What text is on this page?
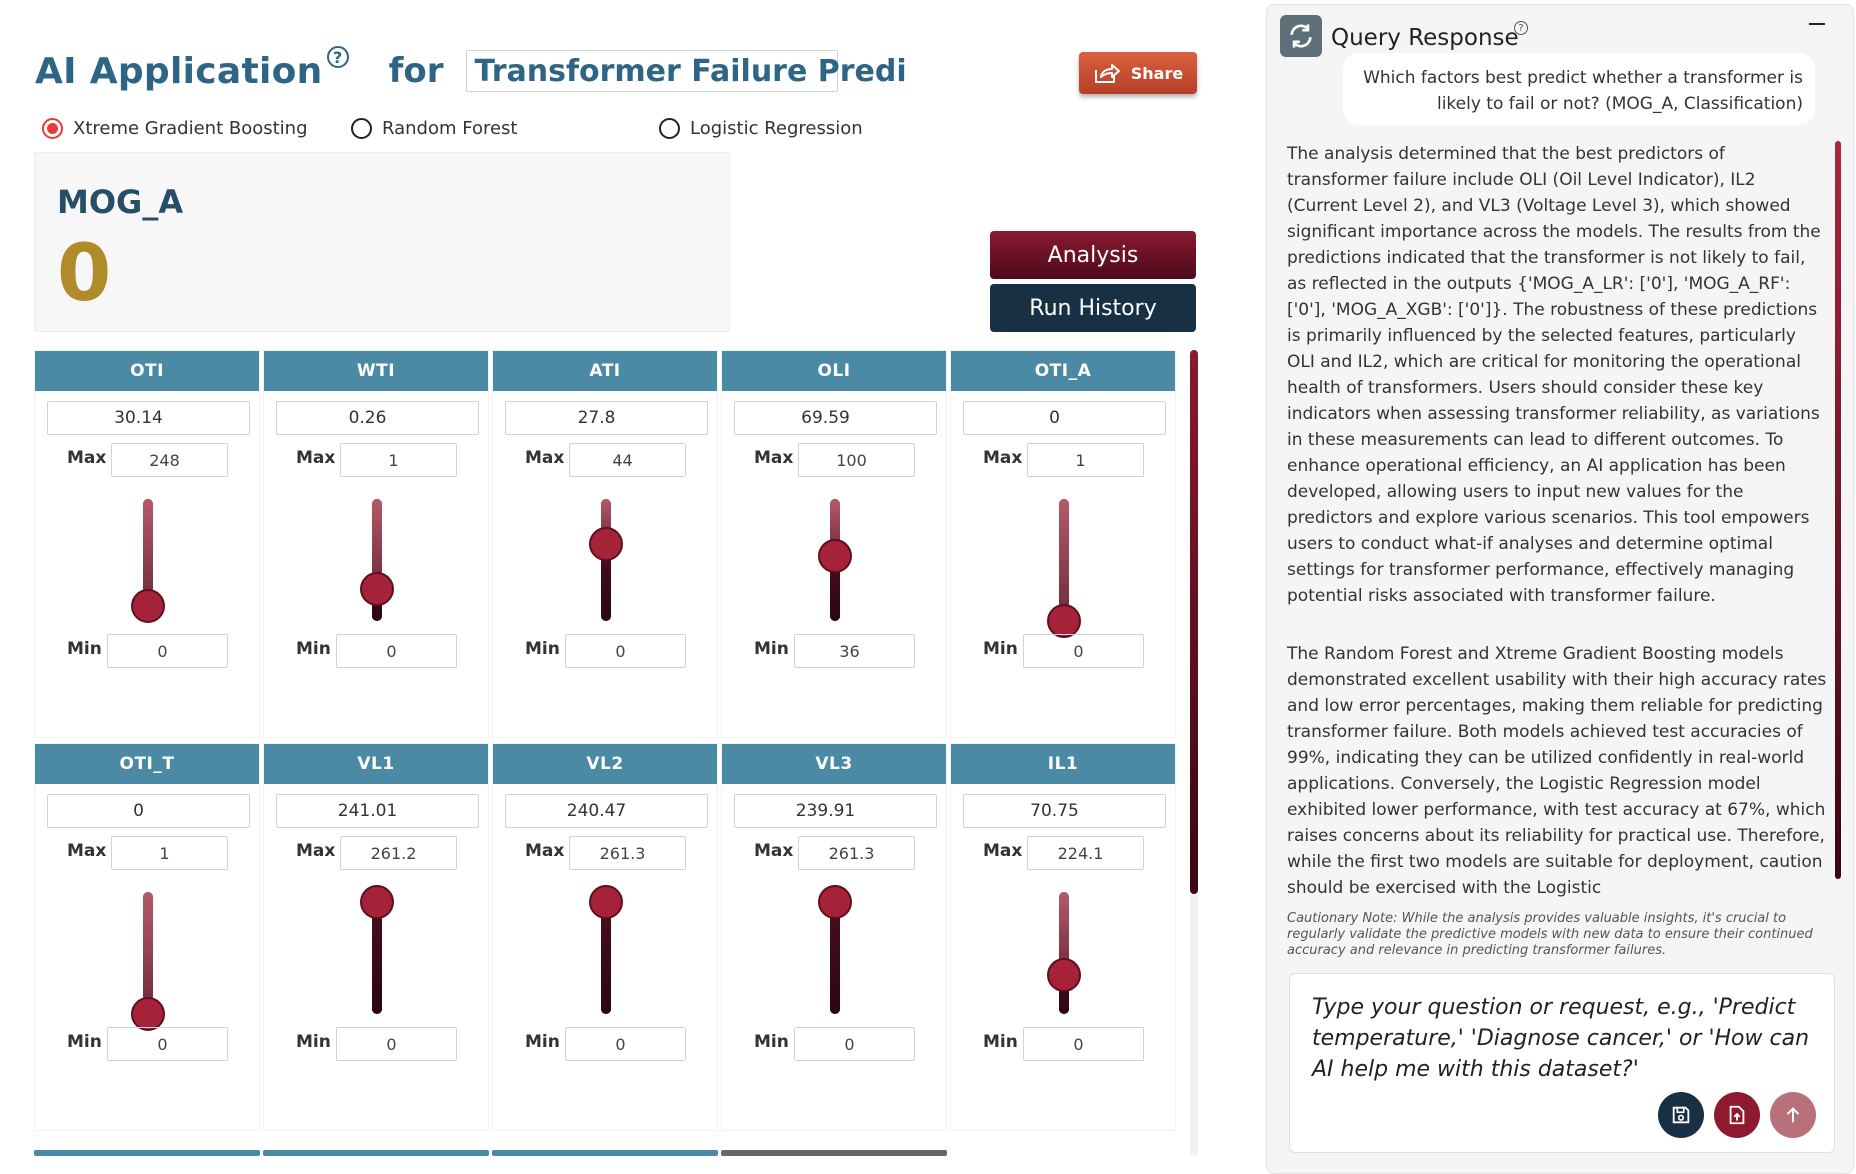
AI Application ? for	Transformer Failure Predi	Share
Xtreme Gradient Boosting	Random Forest	Logistic Regression
MOG_A
0	Analysis
Run History
OTI
30.14
Max	248
Min	0
WTI
0.26
Max	1
Min	0
ATI
27.8
Max	44
Min	0
OLI
69.59
Max	100
Min	36
OTI_A
0
Max	1
Min	0
OTI_T
0
Max	1
Min	0
VL1
241.01
Max	261.2
Min	0
VL2
240.47
Max	261.3
Min	0
VL3
239.91
Max	261.3
Min	0
IL1
70.75
Max	224.1
Min	0
Query Response ?
Which factors best predict whether a transformer is likely to fail or not? (MOG_A, Classification)

The analysis determined that the best predictors of transformer failure include OLI (Oil Level Indicator), IL2 (Current Level 2), and VL3 (Voltage Level 3), which showed significant importance across the models. The results from the predictions indicated that the transformer is not likely to fail, as reflected in the outputs {'MOG_A_LR': ['0'], 'MOG_A_RF': ['0'], 'MOG_A_XGB': ['0']}. The robustness of these predictions is primarily influenced by the selected features, particularly OLI and IL2, which are critical for monitoring the operational health of transformers. Users should consider these key indicators when assessing transformer reliability, as variations in these measurements can lead to different outcomes. To enhance operational efficiency, an AI application has been developed, allowing users to input new values for the predictors and explore various scenarios. This tool empowers users to conduct what-if analyses and determine optimal settings for transformer performance, effectively managing potential risks associated with transformer failure.

The Random Forest and Xtreme Gradient Boosting models demonstrated excellent usability with their high accuracy rates and low error percentages, making them reliable for predicting transformer failure. Both models achieved test accuracies of 99%, indicating they can be utilized confidently in real-world applications. Conversely, the Logistic Regression model exhibited lower performance, with test accuracy at 67%, which raises concerns about its reliability for practical use. Therefore, while the first two models are suitable for deployment, caution should be exercised with the Logistic

Cautionary Note: While the analysis provides valuable insights, it's crucial to regularly validate the predictive models with new data to ensure their continued accuracy and relevance in predicting transformer failures.
Type your question or request, e.g., 'Predict temperature,' 'Diagnose cancer,' or 'How can AI help me with this dataset?'
